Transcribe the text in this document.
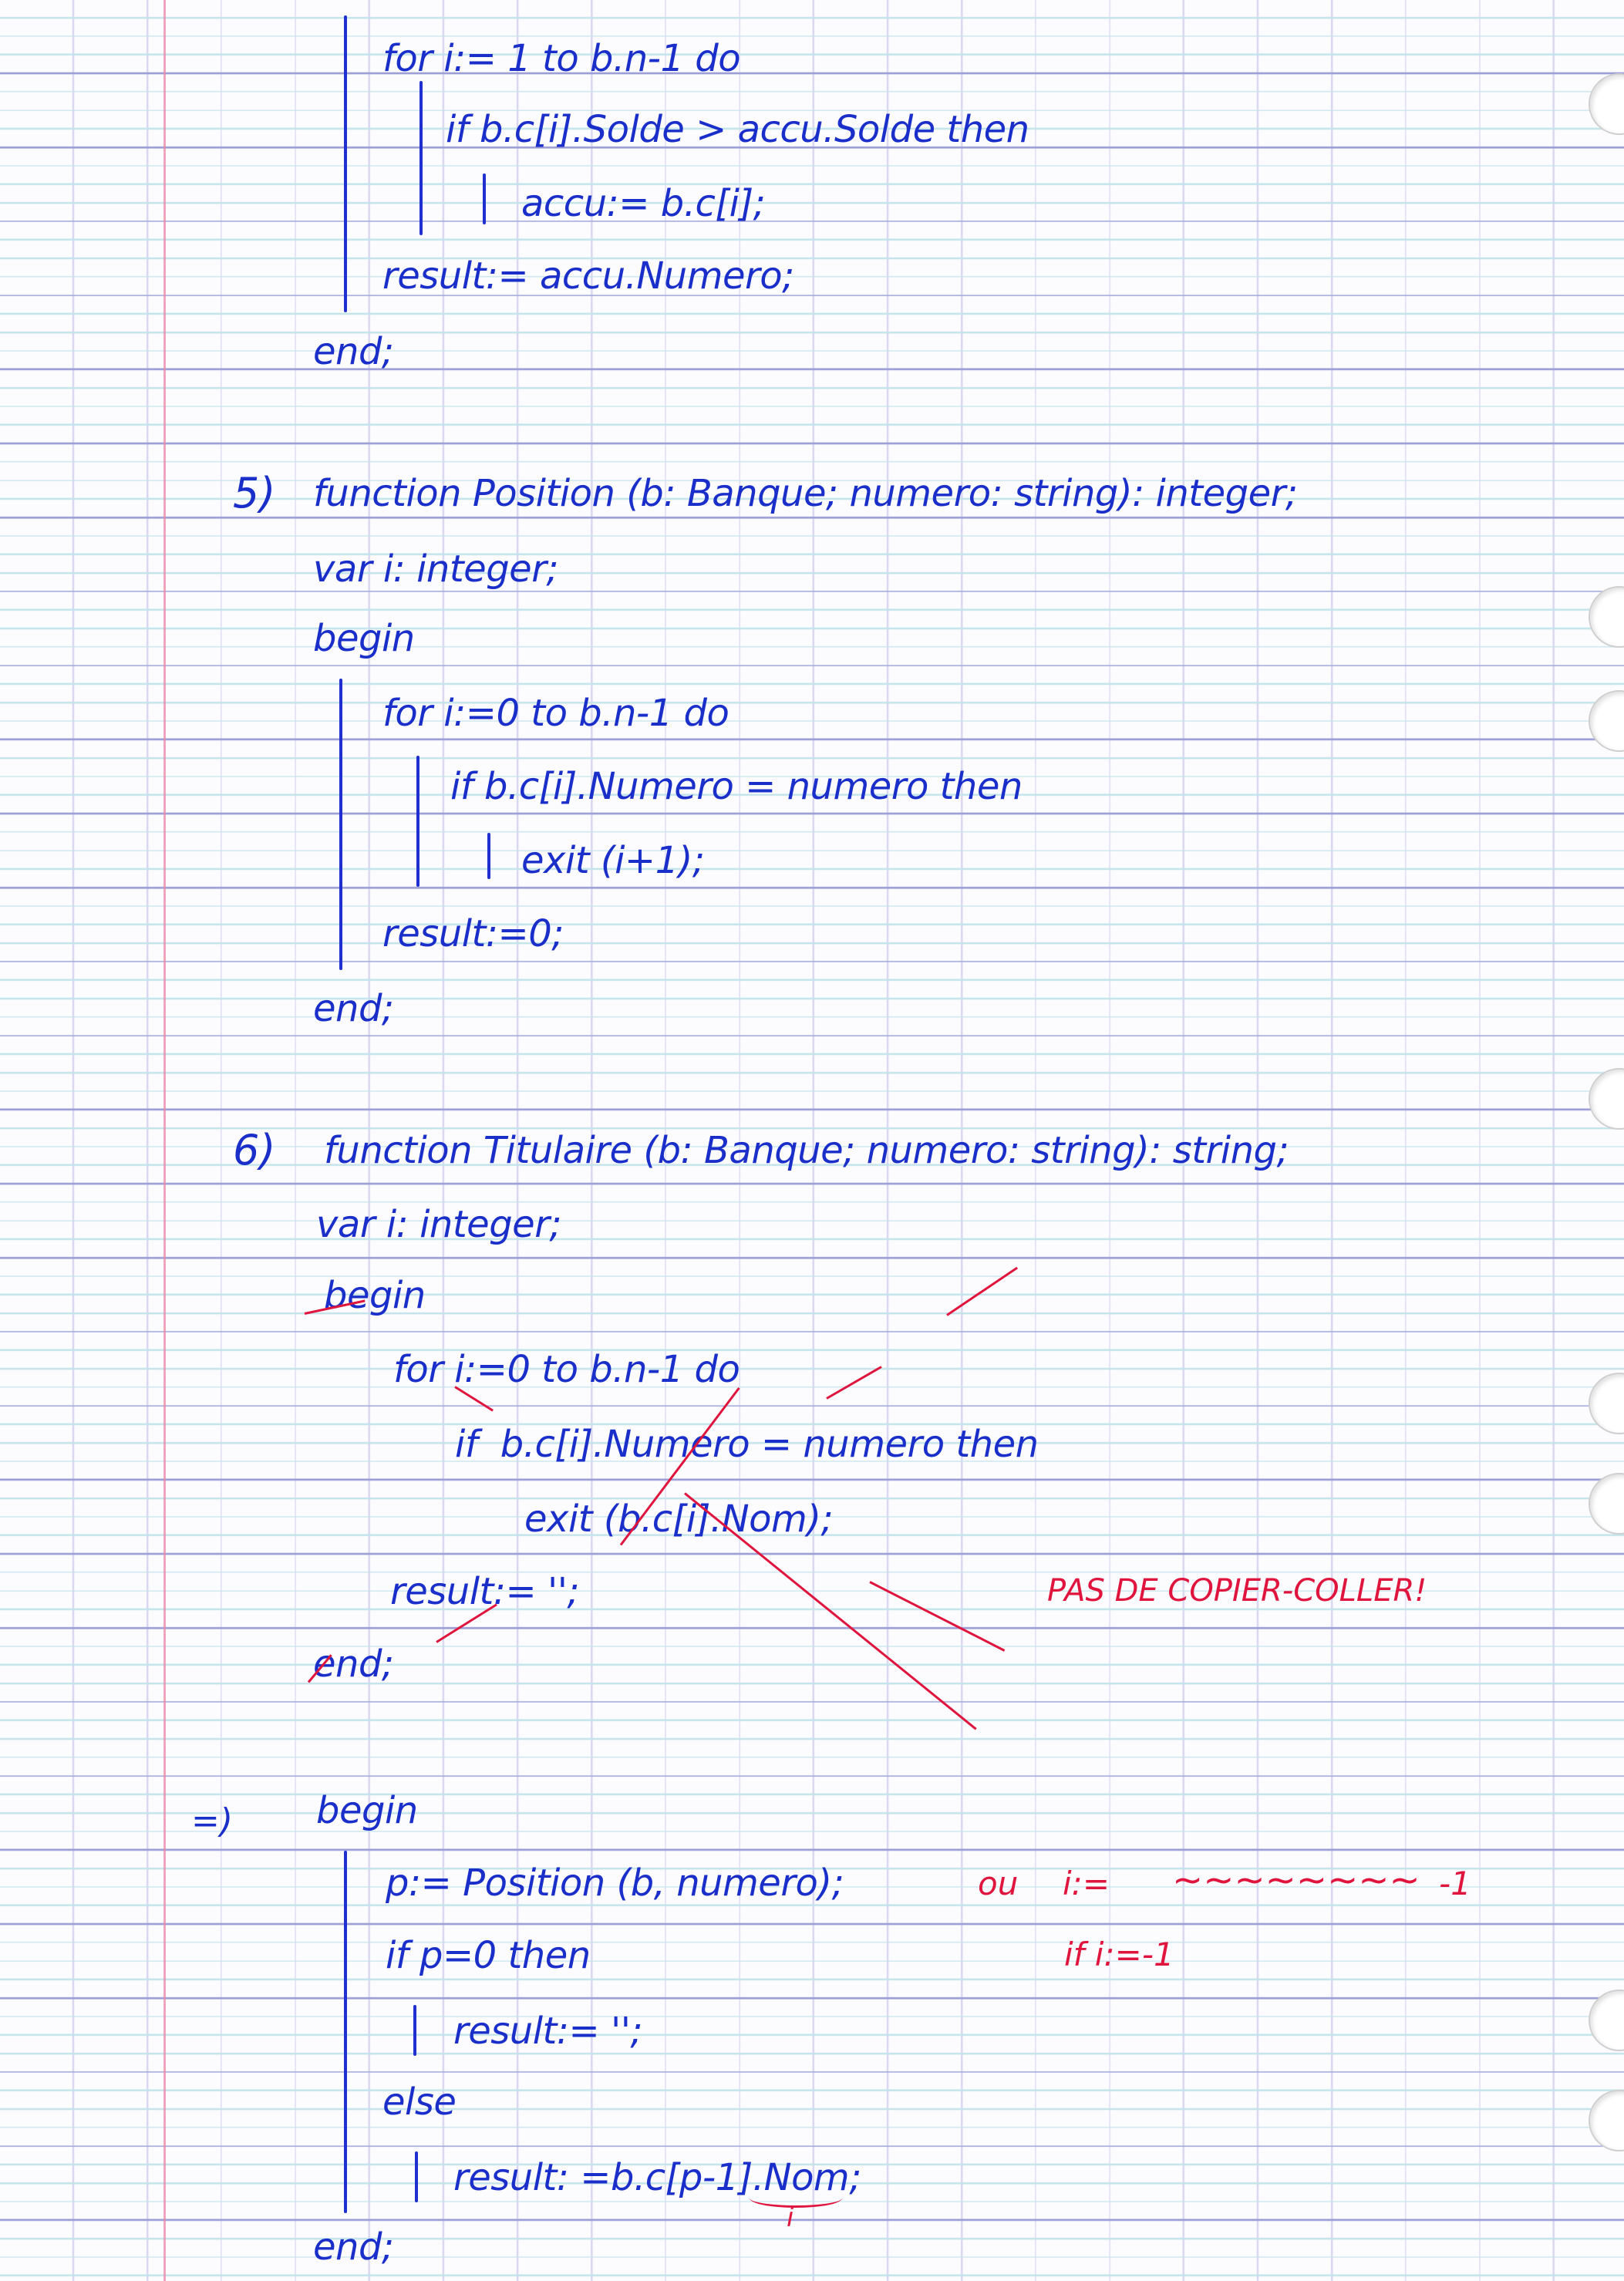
for i:= 1 to b.n-1 do

if b.c[i].Solde > accu.Solde then

accu:= b.c[i];

result:= accu.Numero;

end;

5) function Position (b: Banque; numero: string): integer;

var i: integer;

begin

for i:=0 to b.n-1 do

if b.c[i].Numero = numero then

exit (i+1);

result:=0;

end;

6) function Titulaire (b: Banque; numero: string): string;

var i: integer;

begin

for i:=0 to b.n-1 do

if  b.c[i].Numero = numero then

exit (b.c[i].Nom);

result:= '';

end;

PAS DE COPIER-COLLER!

=) begin

p:= Position (b, numero);

if p=0 then

result:= '';

else

result: =b.c[p-1].Nom;

end;

ou i:= ~~~~~~~~ -1

if i:=-1

i
